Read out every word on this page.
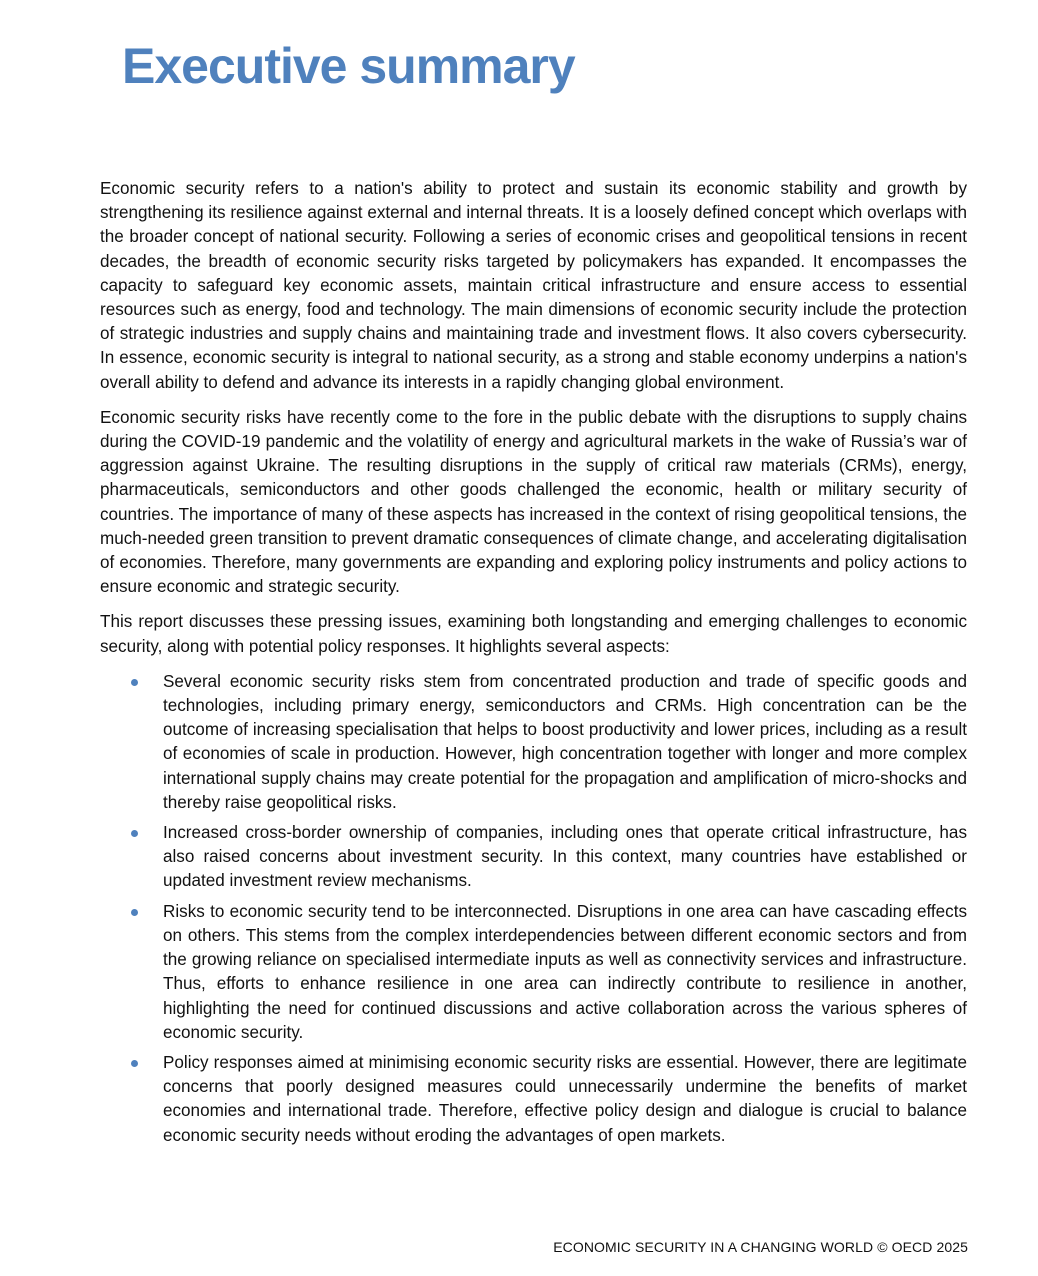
Executive summary

Economic security refers to a nation's ability to protect and sustain its economic stability and growth by strengthening its resilience against external and internal threats. It is a loosely defined concept which overlaps with the broader concept of national security. Following a series of economic crises and geopolitical tensions in recent decades, the breadth of economic security risks targeted by policymakers has expanded. It encompasses the capacity to safeguard key economic assets, maintain critical infrastructure and ensure access to essential resources such as energy, food and technology. The main dimensions of economic security include the protection of strategic industries and supply chains and maintaining trade and investment flows. It also covers cybersecurity. In essence, economic security is integral to national security, as a strong and stable economy underpins a nation's overall ability to defend and advance its interests in a rapidly changing global environment.

Economic security risks have recently come to the fore in the public debate with the disruptions to supply chains during the COVID-19 pandemic and the volatility of energy and agricultural markets in the wake of Russia’s war of aggression against Ukraine. The resulting disruptions in the supply of critical raw materials (CRMs), energy, pharmaceuticals, semiconductors and other goods challenged the economic, health or military security of countries. The importance of many of these aspects has increased in the context of rising geopolitical tensions, the much-needed green transition to prevent dramatic consequences of climate change, and accelerating digitalisation of economies. Therefore, many governments are expanding and exploring policy instruments and policy actions to ensure economic and strategic security.

This report discusses these pressing issues, examining both longstanding and emerging challenges to economic security, along with potential policy responses. It highlights several aspects:

Several economic security risks stem from concentrated production and trade of specific goods and technologies, including primary energy, semiconductors and CRMs. High concentration can be the outcome of increasing specialisation that helps to boost productivity and lower prices, including as a result of economies of scale in production. However, high concentration together with longer and more complex international supply chains may create potential for the propagation and amplification of micro-shocks and thereby raise geopolitical risks.
Increased cross-border ownership of companies, including ones that operate critical infrastructure, has also raised concerns about investment security. In this context, many countries have established or updated investment review mechanisms.
Risks to economic security tend to be interconnected. Disruptions in one area can have cascading effects on others. This stems from the complex interdependencies between different economic sectors and from the growing reliance on specialised intermediate inputs as well as connectivity services and infrastructure. Thus, efforts to enhance resilience in one area can indirectly contribute to resilience in another, highlighting the need for continued discussions and active collaboration across the various spheres of economic security.
Policy responses aimed at minimising economic security risks are essential. However, there are legitimate concerns that poorly designed measures could unnecessarily undermine the benefits of market economies and international trade. Therefore, effective policy design and dialogue is crucial to balance economic security needs without eroding the advantages of open markets.
ECONOMIC SECURITY IN A CHANGING WORLD © OECD 2025
